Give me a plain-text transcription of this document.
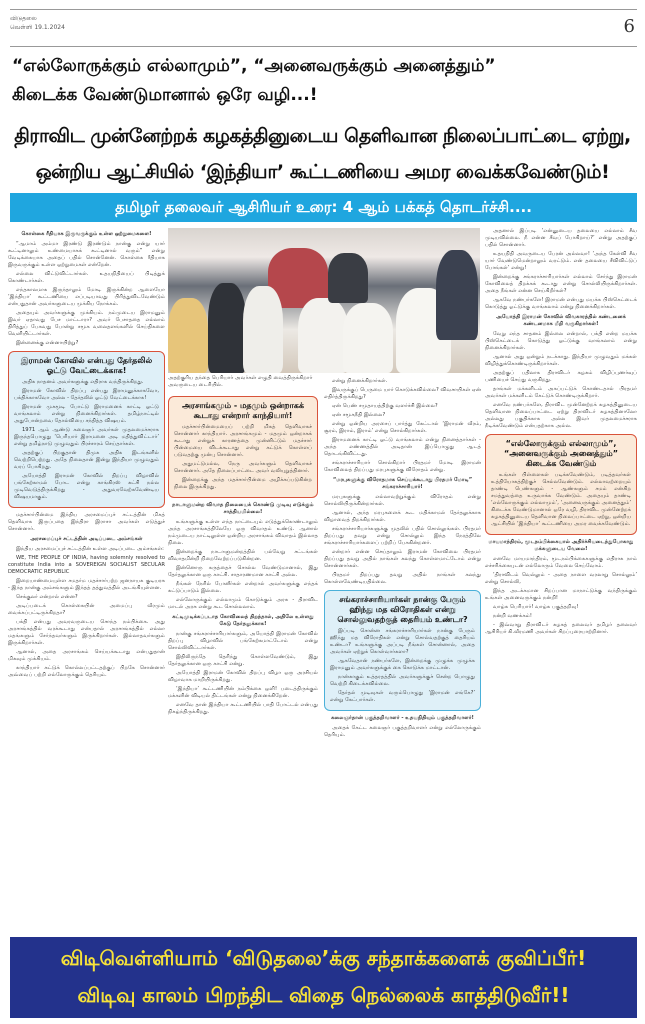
விடுதலை
வெள்ளி 19.1.2024	6
“எல்லோருக்கும் எல்லாமும்”, “அனைவருக்கும் அனைத்தும்”
கிடைக்க வேண்டுமானால் ஒரே வழி...!
திராவிட முன்னேற்றக் கழகத்தினுடைய தெளிவான நிலைப்பாட்டை ஏற்று,
ஒன்றிய ஆட்சியில் ‘இந்தியா’ கூட்டணியை அமர வைக்கவேண்டும்!
தமிழர் தலைவர் ஆசிரியர் உரை: 4 ஆம் பக்கத் தொடர்ச்சி....

கொள்கை ரீதியாக இருவருக்கும் உள்ள ஒற்றுமைகளை!

“ஆமாம் அம்மா இரண்டு இரண்டும் நான்கு என்று யார் கூட்டினாலும் உண்மையாகக் கூட்டினால் வரும்” என்று வேடிக்கையாக அதைப் பதில் சொன்னேன். கொள்கை ரீதியாக இருவருக்கும் உள்ள ஒற்றுமைகள் என்றேன்.

எல்லை விட்டுவிட்டார்கள். உதயநிதியைப் பிடித்துக் கொண்டார்கள்.

எந்தகாலமாக இருந்தாலும் மோடி இருக்கின்ற ஆளையோ ‘இந்தியா’ கூட்டணியை எப்படியாவது பிரித்துவிடவேண்டும் என்பதுதான் அவர்களுடைய முக்கிய நோக்கம்.

அதையும் அவர்களுக்கு முக்கியம். நம்முடைய இராமனும் இவர் ஏதாவது பேச மாட்டாரா? அவர் பேசாததை எல்லாம் திரித்துப் பேசுவது போன்று சமூக வலைதளங்களில் செய்திகளை வெளியிட்டார்கள்.

இன்னைக்கு என்னாயிற்று?

இராமன் கோவில் என்பது தேர்தலில் ஓட்டு வேட்டைக்காக!

அதிக நாதனம் அவர்களுக்கு எதிராக வந்திருக்கிறது.

இராமன் கோவில் திறப்பு என்பது இராமனுக்காகவோ, பக்திக்காகவோ அல்ல - தேர்தலில் ஓட்டு வேட்டைக்காக!

இராமன் முகமூடி போட்டு இராமனைக் காட்டி ஓட்டு வாங்கலாம் என்று நினைக்கிறார்கள். தமிழ்நாட்டில் அதுபோன்றவை தோல்வியை சந்தித்த விஷயம்.

1971 ஆம் ஆண்டு கலைஞர் அவர்கள் முதலமைச்சராக இருந்தபொழுது ‘பெரியார் இராமனை அடி மதித்துவிட்டார்’ என்று தமிழ்நாடு முழுவதும் பிரச்சாரம் செய்தார்கள்.

அதற்குப் பிறகுதான் திமுக அதிக இடங்களில் வெற்றிபெற்றது. அதே நிலைதான் இன்று இந்தியா முழுவதும் வரப் போகிறது.

அயோத்தி இராமன் கோவில் திறப்பு விழாவில் பங்கேற்காமல் போட என்று காங்கிரஸ் கட்சி நல்ல முடிவெடுத்திருக்கிறது - அதுவரவேற்கவேண்டிய விஷயமாகும்.

மதச்சார்பின்மை இந்திய அரசமைப்புச் சட்டத்தின் மிகத் தெளிவாக இருப்பதை இந்திரா இராசா அவர்கள் எடுத்துச் சொன்னார்.

அரசமைப்புச் சட்டத்தின் அடிப்படை அம்சங்கள்

இந்திய அரசமைப்புச் சட்டத்தின் உள்ள அடிப்படை அம்சங்கள்:

WE, THE PEOPLE OF INDIA, having solemnly resolved to constitute India into a SOVEREIGN SOCIALIST SECULAR DEMOCRATIC REPUBLIC

இறையாண்மையுள்ள சமதர்ம மதச்சார்பற்ற ஜனநாயக குடியரசு - இந்த நான்கு அம்சங்களும் இந்தத் தத்துவத்தில் அடங்கியுள்ளன.

செக்குலர் என்றால் என்ன?

அடிப்படைக் கொள்கையின் அமைப்பு வீரமும் வைக்கப்பட்டிருக்கிறதா?

பக்தி என்பது அவரவருடைய சொந்த நம்பிக்கை. அது அரசாங்கத்தில் வரக்கூடாது என்பதால் அரசாங்கத்தில் எல்லா மதங்களும் சேர்ந்தவர்களும் இருக்கிறார்கள். இல்லாதவர்களும் இருக்கிறார்கள்.

ஆனால், அதை அரசாங்கம் செய்யக்கூடாது என்பதுதான் மிகவும் முக்கியம்.

காந்தியார் சுட்டுக் கொல்லப்பட்டதற்குப் பிறகே சொன்னார் அவ்வைப் பற்றி எல்லோருக்கும் தெரியும்.

அதற்குரிய தந்தை பெரியார் அவர்கள் எழுதி வைத்திருக்கிறார் அவருடைய டைரியில்.
அரசாங்கமும் - மதமும் ஒன்றாகக் கூடாது என்றார் காந்தியார்!

மதச்சார்பின்மையைப் பற்றி மிகத் தெளிவாகச் சொன்னார் காந்தியார். அரசாங்கமும் - மதமும் ஒன்றாகக் கூடாது என்றுக் காரணத்தை முன்னிட்டும் மதச்சார் பின்மையை விடக்கூடாது என்று கட்டுக் கொள்ளப் படுவதற்கு முன்பு சொன்னார்.

அதுமட்டுமல்ல, நேரு அவர்களும் தெளிவாகச் சொன்னார். அதே நிலைப்பாட்டை அவர் வலியுறுத்தினார்.

இன்றைக்கு அந்த மதச்சார்பின்மை அழிக்கப்படுகின்ற நிலை இருக்கிறது.

நாடாளுமன்ற விவாத நிலையைக் கொண்டு முடிவு எடுக்கும் சாத்தியமில்லை!

உங்களுக்கு உள்ள எந்த நாட்டையும் எடுத்துக்கொண்டாலும் அந்த அரசாங்கத்திலேயே ஒரு விவாதம் உண்டு. ஆனால் நம்முடைய நாட்டிலுள்ள ஒன்றிய அரசாங்கம் விவாதம் இல்லாத நிலை.

இன்றைக்கு நாடாளுமன்றத்தில் பல்வேறு சட்டங்கள் விவாதமின்றி நிறைவேற்றப்படுகின்றன.

இன்னொரு கருத்தைச் சொல்ல வேண்டுமானால், இது தேர்தலுக்கான ஒரு காட்சி. சாதாரணமான காட்சி அல்ல.

நீங்கள் நேரில் போனீர்கள் என்றால் அவர்களுக்கு எந்தக் கட்டுப்பாடும் இல்லை.

எல்லோருக்கும் எல்லாமும் கொடுக்கும் அரசு - திராவிட மாடல் அரசு என்று கூட சொல்லலாம்.

கட்டிமுடிக்கப்படாத கோவிலைத் திறந்தால், அதிலே உள்ளது கேடு தேர்தலுக்காக!

நான்கு சங்கராச்சாரியார்களும், அயோத்தி இராமன் கோவில் திறப்பு விழாவில் பங்கேற்கமாட்டோம் என்று சொல்லிவிட்டார்கள்.

இதிலிருந்தே தெரிந்து கொள்ளவேண்டும், இது தேர்தலுக்கான ஒரு காட்சி என்று.

அயோத்தி இராமன் கோவில் திறப்பு விழா ஒரு அரசியல் விழாவாக மாறியிருக்கிறது.

‘இந்தியா’ கூட்டணியின் நம்பிக்கை ஒளி! படைத்திருக்கும் மக்களின் விடியல் திட்டங்கள் என்று நினைக்கிறேன்.

எனவே தான் இந்தியா கூட்டணியில் பாதி போட்டல் என்பது நிகழ்ந்திருக்கிறது.

என்று நினைக்கிறார்கள்.

இவருக்குப் பெருமை யார் கொடுக்கவில்லை? விவசாயிகள் ஏன் எதிர்த்திருக்கிறது?

ஏன் பெண் சமுதாயத்திற்கு வளர்ச்சி இல்லை?

ஏன் சமூகநீதி இல்லை?

என்று ஒன்றிய அரசைப் பார்த்து கேட்டால் ‘இராமன் வீரம், சூரம், இராம், இராம்’ என்று சொல்கிறார்கள்.

இராமனைக் காட்டி ஓட்டு வாங்கலாம் என்று நினைத்தார்கள் - அந்த எண்ணத்தில் அடிதான் இப்பொழுது ஆடத் தொடங்கிவிட்டது.

சங்கராச்சாரியார் சொல்கிறார் பிரதமர் மோடி இராமன் கோவிலைத் திறப்பது மரபுகளுக்கு விரோதம் என்று.

“மரபுகளுக்கு விரோதமாக செய்யக்கூடாது பிரதமர் மோடி” சங்கராச்சாரியார்!

மரபுகளுக்கு எல்லாவற்றுக்கும் விரோதம் என்று சொல்லியிருக்கின்றார்கள்.

ஆனால், அந்த மரபுகளைக் கூட மதிக்காமல் தேர்தலுக்காக விழாவைத் திறக்கிறார்கள்.

சங்கராச்சாரியார்களுக்கு முதலில் பதில் சொல்லுங்கள். பிரதமர் திறப்பது தவறு என்று சொல்லும் இந்த நேரத்திலே சங்கராச்சாரியார்களைப் பற்றிப் பேசுகின்றனர்.

என்றார் என்ன செய்தாலும் இராமன் கோவிலை பிரதமர் திறப்பது தவறு அதில் நாங்கள் கலந்து கொள்ளமாட்டோம் என்று சொன்னார்கள்.

பிரதமர் திறப்பது தவறு அதில் நாங்கள் கலந்து கொள்ளவேண்டியதில்லை.

சங்கராச்சாரியார்கள் நான்கு பேரும் ஹிந்து மத விரோதிகள் என்று சொல்லுவதற்குத் தைரியம் உண்டா?

இப்படி சொன்ன சங்கராச்சாரியார்கள் நான்கு பேரும் ஹிந்து மத விரோதிகள் என்று சொல்வதற்குத் தைரியம் உண்டா? உங்களுக்கு அப்படி நீங்கள் சொன்னால், அதை அவர்கள் ஏற்றுக் கொள்வார்களா?

ஆகவேதான் நண்பர்களே, இன்றைக்கு முழுக்க முழுக்க இராமனும் அவர்களுக்குக் கை கொடுக்க மாட்டான்.

நான்காகும் உத்தரதத்தில் அவர்களுக்குச் சென்ற பொழுது வெற்றி கிடைக்கவில்லை.

தேர்தல் முடிவுகள் வரும்பொழுது ‘இராமன் எங்கே?’ என்று கேட்பார்கள்.

கலைஞர்தான் பகுத்தறிவாளர் - உதயநிதியும் பகுத்தறிவாளர்!

அதைக் கேட்ட கலைஞர் பகுத்தறிவாளர் என்று எல்லோருக்கும் தெரியும்.

அதனால் இப்படி ‘என்னுடைய தலையை எல்லாம் சீவ முடியவில்லை. நீ என்ன சீவப் போகிறாய்?’ என்று அதற்குப் பதில் சொன்னார்.

உதயநிதி அவருடைய பேரன் அல்லவா! ‘அந்த கேள்வி சீவ யார் வேண்டுமென்றாலும் வரட்டும். என் தலையை சீவிவிட்டுப் போங்கள்’ என்று!

இன்றைக்கு சங்கராச்சாரியார்கள் எல்லாம் சேர்ந்து இராமன் கோவிலைத் திறக்கக் கூடாது என்று சொல்லியிருக்கிறார்கள். அதை நீங்கள் என்ன செய்கிறீர்கள்?

ஆகவே நண்பர்களே! இராமன் என்பது மயக்க பிஸ்கெட்டைக் கொடுத்து ஓட்டுக்கு வாங்கலாம் என்று நினைக்கிறார்கள்.

அயோத்தி இராமன் கோவில் விவகாரத்தில் கண்டனைக் கண்டனமாக மீறி வருகிறார்கள்!

வேறு எந்த சாதனம் இல்லை என்றால், பக்தி என்ற மயக்க பிஸ்கெட்டைக் கொடுத்து ஓட்டுக்கு வாங்கலாம் என்று நினைக்கிறார்கள்.

ஆனால் அது ஒன்றும் நடக்காது. இந்தியா முழுவதும் மக்கள் விழித்துக்கொண்டிருக்கிறார்கள்.

அதற்குப் பதிலாக திராவிடர் கழகம் விழிப்புணர்வுப் பணியைச் செய்து வருகிறது.

தாங்கள் மக்களிடம் அகப்பட்டுக் கொண்டதால் பிரதமர் அவர்கள் மக்களிடம் கேட்டுக் கொண்டிருக்கிறார்.

எனவே நண்பர்களே, திராவிட முன்னேற்றக் கழகத்தினுடைய தெளிவான நிலைப்பாட்டை ஏற்று திராவிடர் கழகத்தினாலோ அல்லது பகுதிக்காக அல்ல இவர் முதலமைச்சராக நீடிக்கவேண்டும் என்பதற்காக அல்ல.

“எல்லோருக்கும் எல்லாமும்”, “அனைவருக்கும் அனைத்தும்” கிடைக்க வேண்டும்

உங்கள் பிள்ளைகள் படிக்கவேண்டும், படித்தவர்கள் உத்தியோகத்திற்குச் செல்லவேண்டும். எல்லாவற்றையும் தாண்டி பெண்களும் - ஆண்களும் சமம் என்கிற சமத்துவத்தை உருவாக்க வேண்டும். அதையும் தாண்டி ‘எல்லோருக்கும் எல்லாமும்’, ‘அனைவருக்கும் அனைத்தும்’ கிடைக்க வேண்டுமானால் ஒரே வழி, திராவிட முன்னேற்றக் கழகத்தினுடைய தெளிவான நிலைப்பாட்டை ஏற்று, ஒன்றிய ஆட்சியில் ‘இந்தியா’ கூட்டணியை அமர வைக்கவேண்டும்.

மாயமாந்திரம், மூடநம்பிக்கையால் அதிர்ச்சியடைந்துபோகாது மக்களுடைய வேலை!

எனவே மாயமாந்திரம், மூடநம்பிக்கைகளுக்கு எதிராக நாம் எச்சரிக்கையுடன் எல்லோரும் வேலை செய்வோம்.

‘திராவிடம் வெல்லும் - அதை நாளை வரலாறு சொல்லும்’ என்று சொல்லி,

இந்த அடக்கமான சிறப்பான மாநாட்டுக்கு வந்திருக்கும் உங்கள் அனைவருக்கும் நன்றி!

வாழ்க பெரியார்! வாழ்க பகுத்தறிவு!

நன்றி வணக்கம்!

- இவ்வாறு திராவிடர் கழகத் தலைவர் தமிழர் தலைவர் ஆசிரியர் கி.வீரமணி அவர்கள் சிறப்புரையாற்றினார்.

விடிவெள்ளியாம் ‘விடுதலை’க்கு சந்தாக்களைக் குவிப்பீர்!
விடிவு காலம் பிறந்திட விதை நெல்லைக் காத்திடுவீர்!!
